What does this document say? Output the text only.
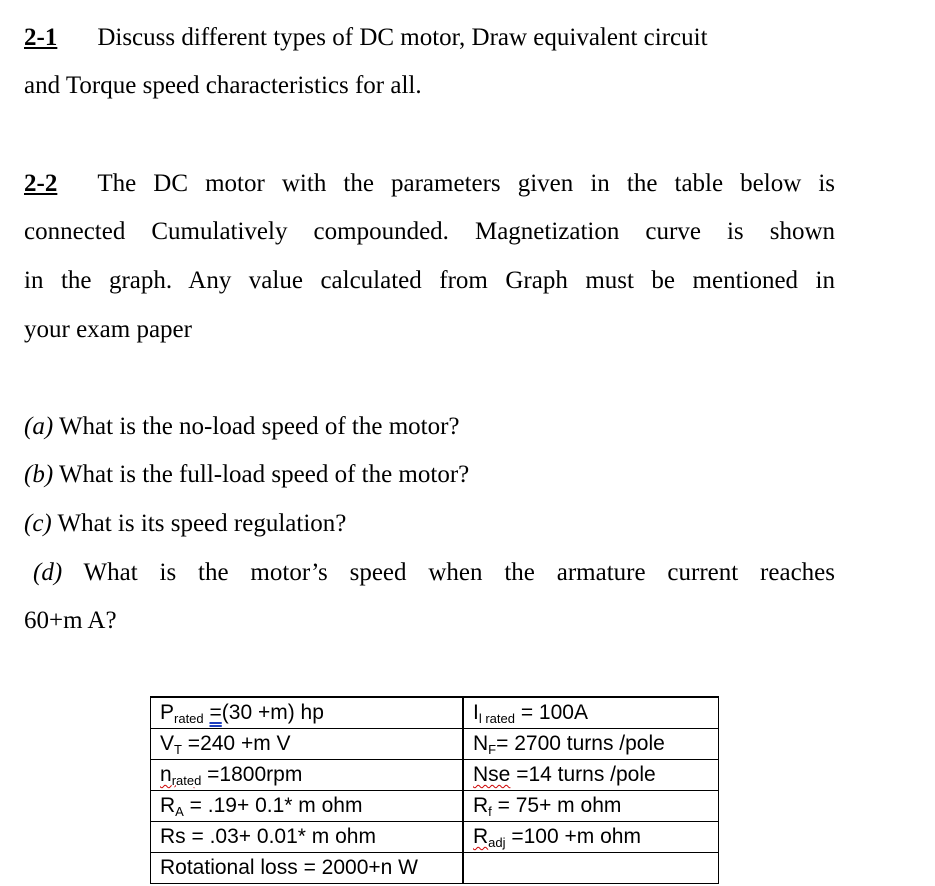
2-1 Discuss different types of DC motor, Draw equivalent circuit

and Torque speed characteristics for all.

2-2 The DC motor with the parameters given in the table below is

connected Cumulatively compounded. Magnetization curve is shown

in the graph. Any value calculated from Graph must be mentioned in

your exam paper

(a) What is the no-load speed of the motor?

(b) What is the full-load speed of the motor?

(c) What is its speed regulation?

(d) What is the motor’s speed when the armature current reaches

60+m A?

$P_{rated} =(30 +m)$ hp	$I_{l rated} = 100A$
$V_T =240 +m$ V	$N_F= 2700$ turns /pole
$n_{rated} =1800rpm$	Nse =14 turns /pole
$R_A = .19+ 0.1*$ m ohm	$R_f = 75+ m$ ohm
Rs = .03+ 0.01* m ohm	$R_{adj} =100 +m$ ohm
Rotational loss = 2000+n W	
